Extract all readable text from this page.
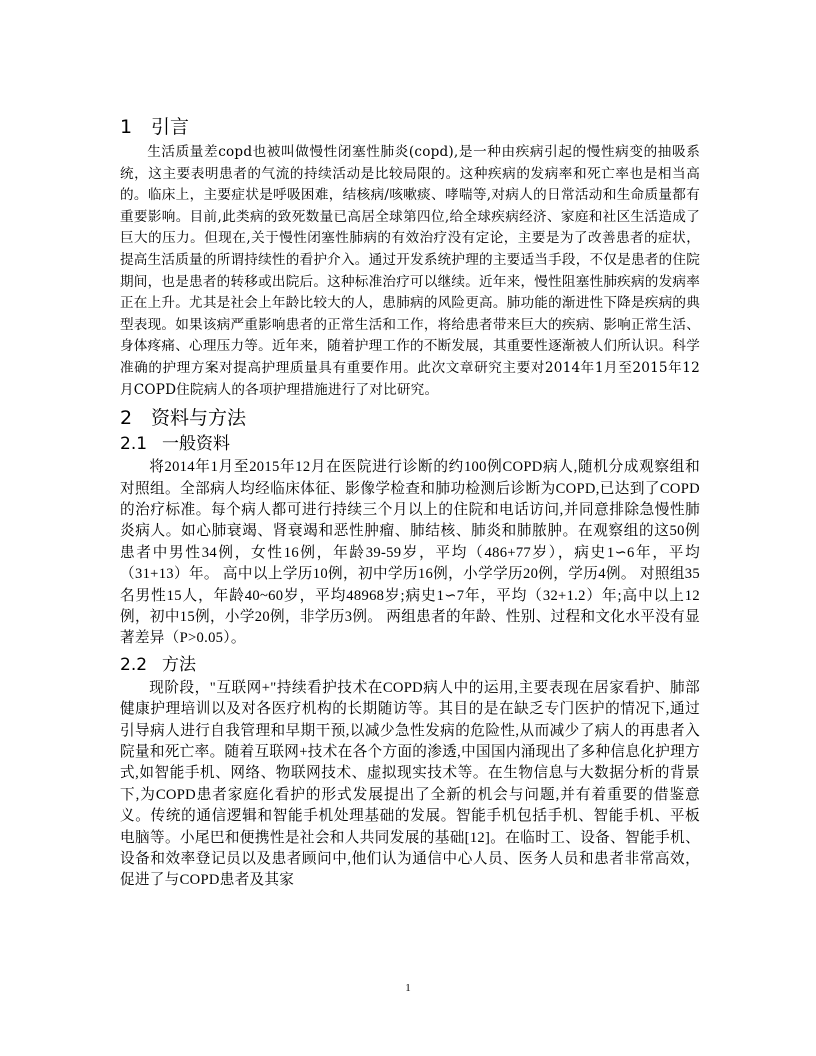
1 引言

生活质量差copd也被叫做慢性闭塞性肺炎(copd),是一种由疾病引起的慢性病变的抽吸系统，这主要表明患者的气流的持续活动是比较局限的。这种疾病的发病率和死亡率也是相当高的。临床上，主要症状是呼吸困难，结核病/咳嗽痰、哮喘等,对病人的日常活动和生命质量都有重要影响。目前,此类病的致死数量已高居全球第四位,给全球疾病经济、家庭和社区生活造成了巨大的压力。但现在,关于慢性闭塞性肺病的有效治疗没有定论，主要是为了改善患者的症状，提高生活质量的所谓持续性的看护介入。通过开发系统护理的主要适当手段，不仅是患者的住院期间，也是患者的转移或出院后。这种标准治疗可以继续。近年来，慢性阻塞性肺疾病的发病率正在上升。尤其是社会上年龄比较大的人，患肺病的风险更高。肺功能的渐进性下降是疾病的典型表现。如果该病严重影响患者的正常生活和工作，将给患者带来巨大的疾病、影响正常生活、身体疼痛、心理压力等。近年来，随着护理工作的不断发展，其重要性逐渐被人们所认识。科学准确的护理方案对提高护理质量具有重要作用。此次文章研究主要对2014年1月至2015年12月COPD住院病人的各项护理措施进行了对比研究。

2 资料与方法
2.1 一般资料

将2014年1月至2015年12月在医院进行诊断的约100例COPD病人,随机分成观察组和对照组。全部病人均经临床体征、影像学检查和肺功检测后诊断为COPD,已达到了COPD的治疗标准。每个病人都可进行持续三个月以上的住院和电话访问,并同意排除急慢性肺炎病人。如心肺衰竭、肾衰竭和恶性肿瘤、肺结核、肺炎和肺脓肿。在观察组的这50例患者中男性34例，女性16例，年龄39-59岁，平均（486+77岁），病史1∽6年，平均（31+13）年。 高中以上学历10例，初中学历16例，小学学历20例，学历4例。 对照组35名男性15人，年龄40~60岁，平均48968岁;病史1∽7年，平均（32+1.2）年;高中以上12例，初中15例，小学20例，非学历3例。 两组患者的年龄、性别、过程和文化水平没有显著差异（P>0.05）。

2.2 方法

现阶段，"互联网+"持续看护技术在COPD病人中的运用,主要表现在居家看护、肺部健康护理培训以及对各医疗机构的长期随访等。其目的是在缺乏专门医护的情况下,通过引导病人进行自我管理和早期干预,以减少急性发病的危险性,从而减少了病人的再患者入院量和死亡率。随着互联网+技术在各个方面的渗透,中国国内涌现出了多种信息化护理方式,如智能手机、网络、物联网技术、虚拟现实技术等。在生物信息与大数据分析的背景下,为COPD患者家庭化看护的形式发展提出了全新的机会与问题,并有着重要的借鉴意义。传统的通信逻辑和智能手机处理基础的发展。智能手机包括手机、智能手机、平板电脑等。小尾巴和便携性是社会和人共同发展的基础[12]。在临时工、设备、智能手机、设备和效率登记员以及患者顾问中,他们认为通信中心人员、医务人员和患者非常高效，促进了与COPD患者及其家

1
